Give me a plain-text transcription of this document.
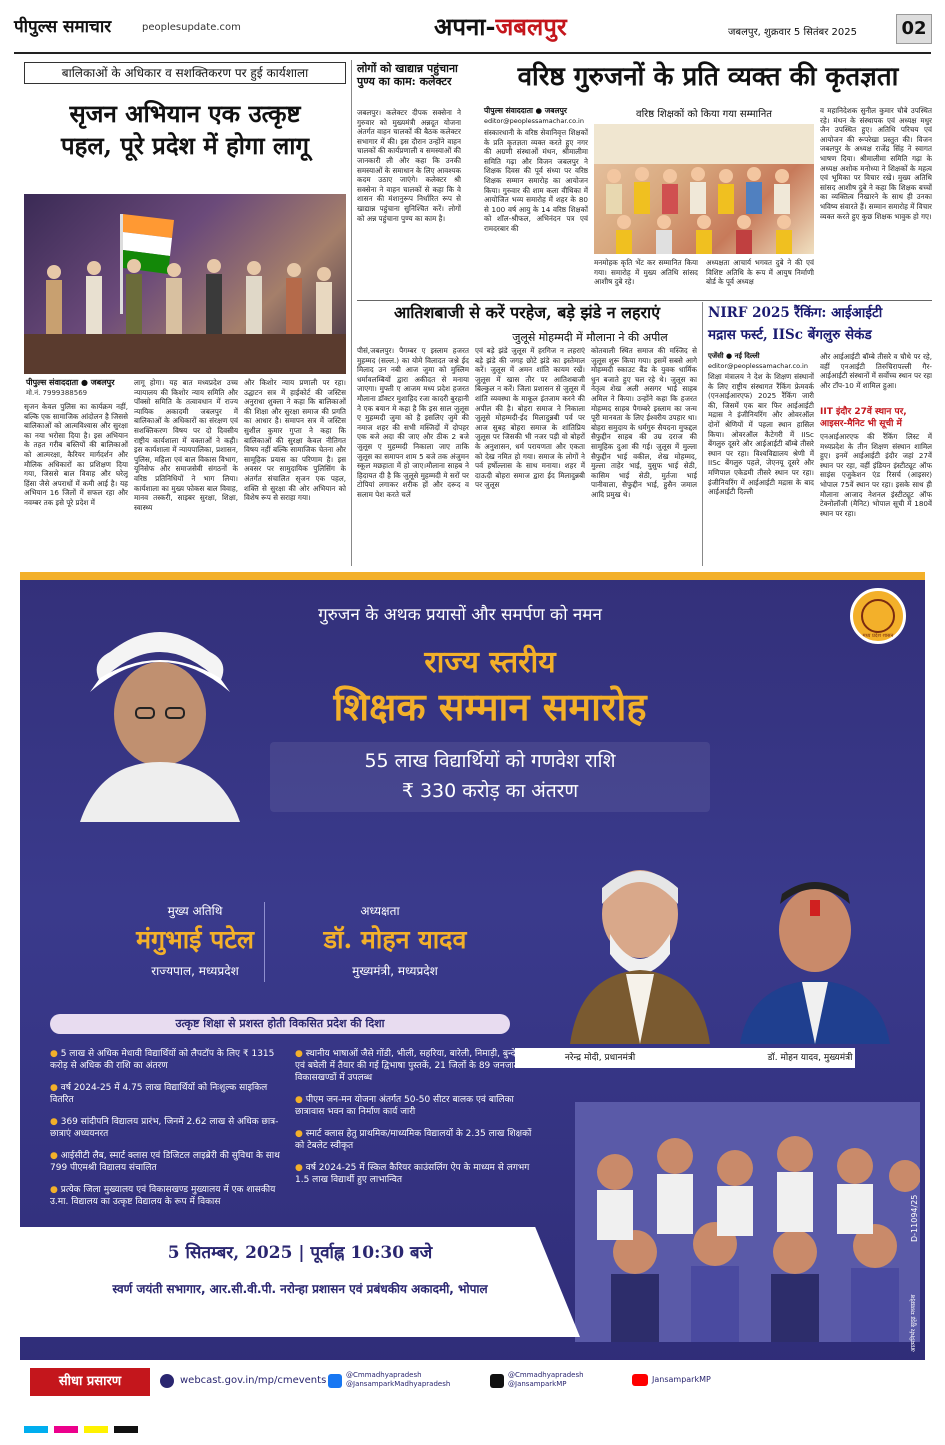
पीपुल्स समाचार	peoplesupdate.com	अपना-जबलपुर	जबलपुर, शुक्रवार 5 सितंबर 2025	02
बालिकाओं के अधिकार व सशक्तिकरण पर हुई कार्यशाला
सृजन अभियान एक उत्कृष्ट
पहल, पूरे प्रदेश में होगा लागू
पीपुल्स संवाददाता ● जबलपुर
मो.नं. 7999388569
सृजन केवल पुलिस का कार्यक्रम नहीं, बल्कि एक सामाजिक आंदोलन है जिससे बालिकाओं को आत्मविश्वास और सुरक्षा का नया भरोसा दिया है। इस अभियान के तहत गरीब बस्तियों की बालिकाओं को आत्मरक्षा, कैरियर मार्गदर्शन और मौलिक अधिकारों का प्रशिक्षण दिया गया, जिससे बाल विवाह और घरेलू हिंसा जैसे अपराधों में कमी आई है। यह अभियान 16 जिलों में सफल रहा और नवम्बर तक इसे पूरे प्रदेश में
लागू होगा। यह बात मध्यप्रदेश उच्च न्यायालय की किशोर न्याय समिति और पॉक्सो समिति के तत्वावधान में राज्य न्यायिक अकादमी जबलपुर में बालिकाओं के अधिकारों का संरक्षण एवं सशक्तिकरण विषय पर दो दिवसीय राष्ट्रीय कार्यशाला में वक्ताओं ने कही। इस कार्यशाला में न्यायपालिका, प्रशासन, पुलिस, महिला एवं बाल विकास विभाग, यूनिसेफ और समाजसेवी संगठनों के वरिष्ठ प्रतिनिधियों ने भाग लिया। कार्यशाला का मुख्य फोकस बाल विवाह, मानव तस्करी, साइबर सुरक्षा, शिक्षा, स्वास्थ्य
और किशोर न्याय प्रणाली पर रहा। उद्घाटन सत्र में हाईकोर्ट की जस्टिस अनुराधा शुक्ला ने कहा कि बालिकाओं की शिक्षा और सुरक्षा समाज की प्रगति का आधार है। समापन सत्र में जस्टिस सुशील कुमार गुप्ता ने कहा कि बालिकाओं की सुरक्षा केवल नीतिगत विषय नहीं बल्कि सामाजिक चेतना और सामूहिक प्रयास का परिणाम है। इस अवसर पर सामुदायिक पुलिसिंग के अंतर्गत संचालित सृजन एक पहल, शक्ति से सुरक्षा की ओर अभियान को विशेष रूप से सराहा गया।
लोगों को खाद्यान्न पहुंचाना पुण्य का काम: कलेक्टर
जबलपुर। कलेक्टर दीपक सक्सेना ने गुरुवार को मुख्यमंत्री अन्नदूत योजना अंतर्गत वाहन चालकों की बैठक कलेक्टर सभागार में की। इस दौरान उन्होंने वाहन चालकों की कार्यप्रणाली व समस्याओं की जानकारी ली और कहा कि उनकी समस्याओं के समाधान के लिए आवश्यक कदम उठाए जाएंगे। कलेक्टर श्री सक्सेना ने वाहन चालकों से कहा कि वे शासन की मंशानुरूप निर्धारित रूप से खाद्यान्न पहुंचाना सुनिश्चित करें। लोगों को अन्न पहुंचाना पुण्य का काम है।
वरिष्ठ गुरुजनों के प्रति व्यक्त की कृतज्ञता
पीपुल्स संवाददाता ● जबलपुर
editor@peoplessamachar.co.in
संस्कारधानी के वरिष्ठ सेवानिवृत्त शिक्षकों के प्रति कृतज्ञता व्यक्त करते हुए नगर की अग्रणी संस्थाओं मंथन, श्रीमालीमा समिति गढ़ा और विजन जबलपुर ने शिक्षक दिवस की पूर्व संध्या पर वरिष्ठ शिक्षक सम्मान समारोह का आयोजन किया। गुरुवार की शाम कला वीथिका में आयोजित भव्य समारोह में शहर के 80 से 100 वर्ष आयु के 14 वरिष्ठ शिक्षकों को शॉल-श्रीफल, अभिनंदन पत्र एवं रामदरबार की
वरिष्ठ शिक्षकों को किया गया सम्मानित
मनमोहक कृति भेंट कर सम्मानित किया गया। समारोह में मुख्य अतिथि सांसद आशीष दुबे रहे।
अध्यक्षता आचार्य भगवत दुबे ने की एवं विशिष्ट अतिथि के रूप में आयुष निर्माणी बोर्ड के पूर्व अध्यक्ष
व महानिदेशक सुनील कुमार चौबे उपस्थित रहे। मंथन के संस्थापक एवं अध्यक्ष मधुर जैन उपस्थित हुए। अतिथि परिचय एवं आयोजन की रूपरेखा प्रस्तुत की। विजन जबलपुर के अध्यक्ष राजेंद्र सिंह ने स्वागत भाषण दिया। श्रीमालीमा समिति गढ़ा के अध्यक्ष अशोक मनोध्या ने शिक्षकों के महत्व एवं भूमिका पर विचार रखे। मुख्य अतिथि सांसद आशीष दुबे ने कहा कि शिक्षक बच्चों का व्यक्तित्व निखारने के साथ ही उनका भविष्य संवारते हैं। सम्मान समारोह में विचार व्यक्त करते हुए कुछ शिक्षक भावुक हो गए।
आतिशबाजी से करें परहेज, बड़े झंडे न लहराएं
जुलूसे मोहम्मदी में मौलाना ने की अपील
पीसं,जबलपुर। पैगम्बर ए इस्लाम हजरत मुहम्मद (सल्ल.) का योमे विलादत जश्ने ईद मिलाद उन नबी आज जुमा को मुस्लिम धर्मावलम्बियों द्वारा अकीदत से मनाया जाएगा। मुफ्ती ए आजम मध्य प्रदेश हजरत मौलाना डॉक्टर मुशाहिद रजा कादरी बुरहानी ने एक बयान मे कहा है कि इस साल जुलूस ए मुहम्मदी जुमा को है इसलिए जुमे की नमाज शहर की सभी मस्जिदों में दोपहर एक बजे अदा की जाए और ठीक 2 बजे जुलूस ए मुहम्मदी निकाला जाए ताकि जुलूस का समापन शाम 5 बजे तक अंजुमन स्कूल मछहाता में हो जाए।मौलाना साहब ने हिदायत दी है कि जुलूसे मुहम्मदी मे सरों पर टोपियां लगाकर शरीक हों और दरूद व सलाम पेश करते चलें
एवं बड़े झंडे जुलूस में हरगिज न लहराएं बड़े झंडे की जगह छोटे झंडे का इस्तेमाल करें। जुलूस में अमन शांति कायम रखें। जुलूस में खास तौर पर आतिशबाजी बिल्कुल न करें। जिला प्रशासन से जुलूस में शांति व्यवस्था के माकूल इंतजाम करने की अपील की है। बोहरा समाज ने निकाला जुलूसे मोहम्मदी-ईद मिलादुन्नबी पर्व पर आज सुबह बोहरा समाज के शांतिप्रिय जुलूस पर जिसकी भी नजर पड़ी वो बोहरों के अनुशासन, धर्म परायणता और एकता को देख नमित हो गया। समाज के लोगों ने पर्व हर्षोल्लास के साथ मनाया। शहर में दाऊदी बोहरा समाज द्वारा ईद मिलादुन्नबी पर जुलूस
कोतवाली स्थित समाज की मस्जिद से जुलूस शुरू किया गया। इसमें सबसे आगे मोहम्मदी स्काउट बैंड के युवक धार्मिक धुन बजाते हुए चल रहे थे। जुलूस का नेतृत्व शेख अली असगर भाई साहब अमिल ने किया। उन्होंने कहा कि हजरत मोहम्मद साहब पैगम्बरे इस्लाम का जन्म पूरी मानवता के लिए ईश्वरीय उपहार था। बोहरा समुदाय के धर्मगुरु सैयदना मुफद्दल सैफुद्दीन साहब की उम्र दराज की सामूहिक दुआ की गई। जुलूस में मुल्ला सैफुद्दीन भाई वकील, शेख मोहम्मद, मुल्ला ताहेर भाई, युसुफ भाई सेठी, कासिम भाई सेठी, मुर्तजा भाई पानीवाला, सैफुद्दीन भाई, हुसैन जमाल आदि प्रमुख थे।
NIRF 2025 रैंकिंग: आईआईटी
मद्रास फर्स्ट, IISc बेंगलुरु सेकंड
एजेंसी ● नई दिल्ली
editor@peoplessamachar.co.in
शिक्षा मंत्रालय ने देश के शिक्षण संस्थानों के लिए राष्ट्रीय संस्थागत रैंकिंग फ्रेमवर्क (एनआईआरएफ) 2025 रैंकिंग जारी की, जिसमें एक बार फिर आईआईटी मद्रास ने इंजीनियरिंग और ओवरऑल दोनों श्रेणियों में पहला स्थान हासिल किया। ओवरऑल कैटेगरी में IISc बेंगलुरु दूसरे और आईआईटी बॉम्बे तीसरे स्थान पर रहा। विश्वविद्यालय श्रेणी में IISc बेंगलुरु पहले, जेएनयू दूसरे और मणिपाल एकेडमी तीसरे स्थान पर रहा। इंजीनियरिंग में आईआईटी मद्रास के बाद आईआईटी दिल्ली
और आईआईटी बॉम्बे तीसरे व चौथे पर रहे, वहीं एनआईटी तिरुचिरापल्ली गैर-आईआईटी संस्थानों में सर्वोच्च स्थान पर रहा और टॉप-10 में शामिल हुआ।
IIT इंदौर 27वें स्थान पर,
आइसर-मैनिट भी सूची में
एनआईआरएफ की रैंकिंग लिस्ट में मध्यप्रदेश के तीन शिक्षण संस्थान शामिल हुए। इनमें आईआईटी इंदौर जहां 27वें स्थान पर रहा, वहीं इंडियन इंस्टीट्यूट ऑफ साइंस एजुकेशन एंड रिसर्च (आइसर) भोपाल 75वें स्थान पर रहा। इसके साथ ही मौलाना आजाद नेशनल इंस्टीट्यूट ऑफ टेक्नोलॉजी (मैनिट) भोपाल सूची में 180वें स्थान पर रहा।
गुरुजन के अथक प्रयासों और समर्पण को नमन
मध्य प्रदेश शासन
राज्य स्तरीय
शिक्षक सम्मान समारोह
55 लाख विद्यार्थियों को गणवेश राशि
₹ 330 करोड़ का अंतरण
मुख्य अतिथि
मंगुभाई पटेल
राज्यपाल, मध्यप्रदेश
अध्यक्षता
डॉ. मोहन यादव
मुख्यमंत्री, मध्यप्रदेश
नरेन्द्र मोदी, प्रधानमंत्री	डॉ. मोहन यादव, मुख्यमंत्री
उत्कृष्ट शिक्षा से प्रशस्त होती विकसित प्रदेश की दिशा
● 5 लाख से अधिक मेधावी विद्यार्थियों को लैपटॉप के लिए ₹ 1315 करोड़ से अधिक की राशि का अंतरण
● वर्ष 2024-25 में 4.75 लाख विद्यार्थियों को निःशुल्क साइकिल वितरित
● 369 सांदीपनि विद्यालय प्रारंभ, जिनमें 2.62 लाख से अधिक छात्र-छात्राएं अध्ययनरत
● आईसीटी लैब, स्मार्ट क्लास एवं डिजिटल लाइब्रेरी की सुविधा के साथ 799 पीएमश्री विद्यालय संचालित
● प्रत्येक जिला मुख्यालय एवं विकासखण्ड मुख्यालय में एक शासकीय उ.मा. विद्यालय का उत्कृष्ट विद्यालय के रूप में विकास
● स्थानीय भाषाओं जैसे गोंडी, भीली, सहरिया, बारेली, निमाड़ी, बुन्देली एवं बघेली में तैयार की गई द्विभाषा पुस्तकें, 21 जिलों के 89 जनजातीय विकासखण्डों में उपलब्ध
● पीएम जन-मन योजना अंतर्गत 50-50 सीटर बालक एवं बालिका छात्रावास भवन का निर्माण कार्य जारी
● स्मार्ट क्लास हेतु प्राथमिक/माध्यमिक विद्यालयों के 2.35 लाख शिक्षकों को टेबलेट स्वीकृत
● वर्ष 2024-25 में स्किल कैरियर काउंसलिंग ऐप के माध्यम से लगभग 1.5 लाख विद्यार्थी हुए लाभान्वित
D-11094/25
5 सितम्बर, 2025 | पूर्वाह्न 10:30 बजे
स्वर्ण जयंती सभागार, आर.सी.वी.पी. नरोन्हा प्रशासन एवं प्रबंधकीय अकादमी, भोपाल
मध्यप्रदेश जनसम्पर्क द्वारा जारी
सीधा प्रसारण	webcast.gov.in/mp/cmevents	@Cmmadhyapradesh @JansamparkMadhyapradesh
@Cmmadhyapradesh @JansamparkMP	JansamparkMP
आत्मनिर्भर सुदृढ़ मध्यप्रदेश
